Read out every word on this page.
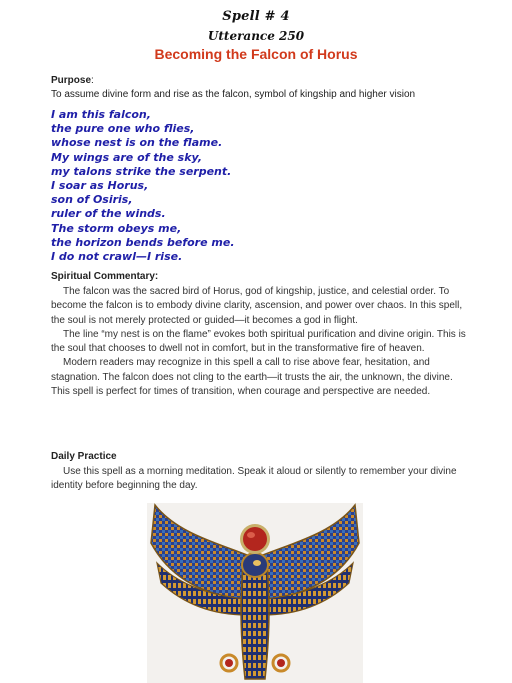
Spell # 4
Utterance 250
Becoming the Falcon of Horus
Purpose:
To assume divine form and rise as the falcon, symbol of kingship and higher vision
I am this falcon,
the pure one who flies,
whose nest is on the flame.
My wings are of the sky,
my talons strike the serpent.
I soar as Horus,
son of Osiris,
ruler of the winds.
The storm obeys me,
the horizon bends before me.
I do not crawl—I rise.
Spiritual Commentary:

The falcon was the sacred bird of Horus, god of kingship, justice, and celestial order. To become the falcon is to embody divine clarity, ascension, and power over chaos. In this spell, the soul is not merely protected or guided—it becomes a god in flight.

The line “my nest is on the flame” evokes both spiritual purification and divine origin. This is the soul that chooses to dwell not in comfort, but in the transformative fire of heaven.

Modern readers may recognize in this spell a call to rise above fear, hesitation, and stagnation. The falcon does not cling to the earth—it trusts the air, the unknown, the divine. This spell is perfect for times of transition, when courage and perspective are needed.

Daily Practice

Use this spell as a morning meditation. Speak it aloud or silently to remember your divine identity before beginning the day.
